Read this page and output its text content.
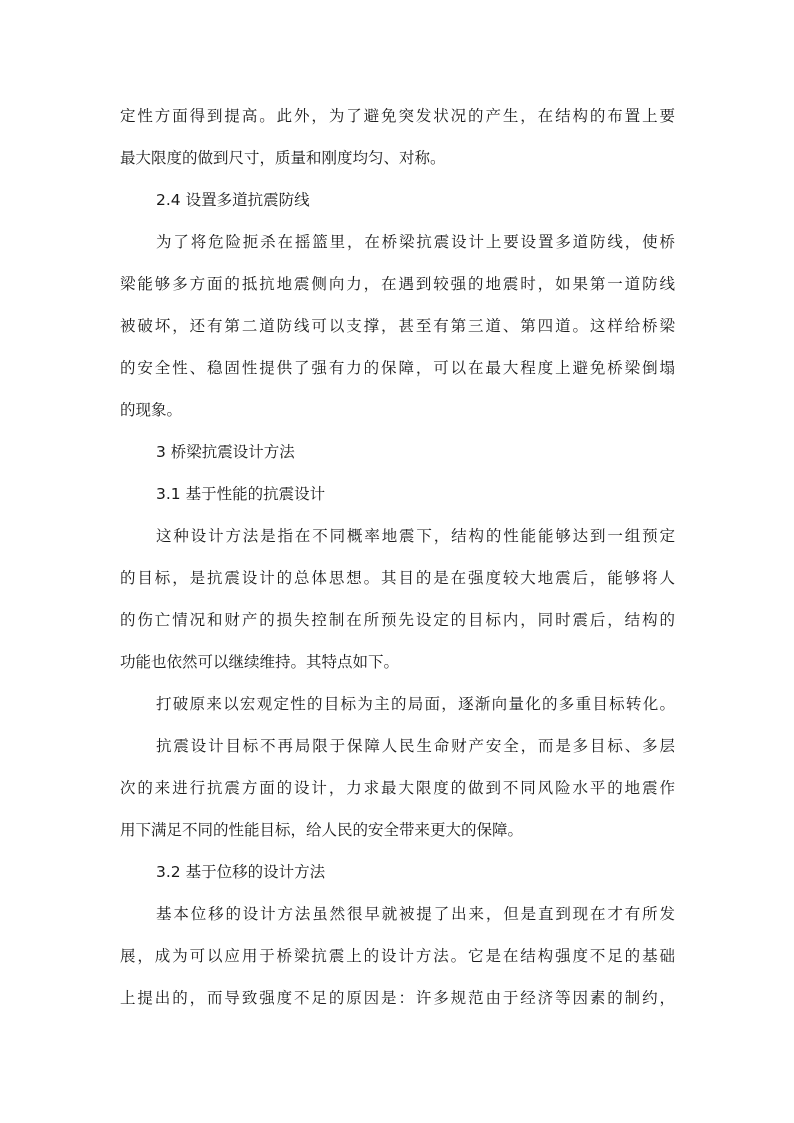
定性方面得到提高。此外，为了避免突发状况的产生，在结构的布置上要
最大限度的做到尺寸，质量和刚度均匀、对称。
2.4 设置多道抗震防线
为了将危险扼杀在摇篮里，在桥梁抗震设计上要设置多道防线，使桥
梁能够多方面的抵抗地震侧向力，在遇到较强的地震时，如果第一道防线
被破坏，还有第二道防线可以支撑，甚至有第三道、第四道。这样给桥梁
的安全性、稳固性提供了强有力的保障，可以在最大程度上避免桥梁倒塌
的现象。
3 桥梁抗震设计方法
3.1 基于性能的抗震设计
这种设计方法是指在不同概率地震下，结构的性能能够达到一组预定
的目标，是抗震设计的总体思想。其目的是在强度较大地震后，能够将人
的伤亡情况和财产的损失控制在所预先设定的目标内，同时震后，结构的
功能也依然可以继续维持。其特点如下。
打破原来以宏观定性的目标为主的局面，逐渐向量化的多重目标转化。
抗震设计目标不再局限于保障人民生命财产安全，而是多目标、多层
次的来进行抗震方面的设计，力求最大限度的做到不同风险水平的地震作
用下满足不同的性能目标，给人民的安全带来更大的保障。
3.2 基于位移的设计方法
基本位移的设计方法虽然很早就被提了出来，但是直到现在才有所发
展，成为可以应用于桥梁抗震上的设计方法。它是在结构强度不足的基础
上提出的，而导致强度不足的原因是：许多规范由于经济等因素的制约，
